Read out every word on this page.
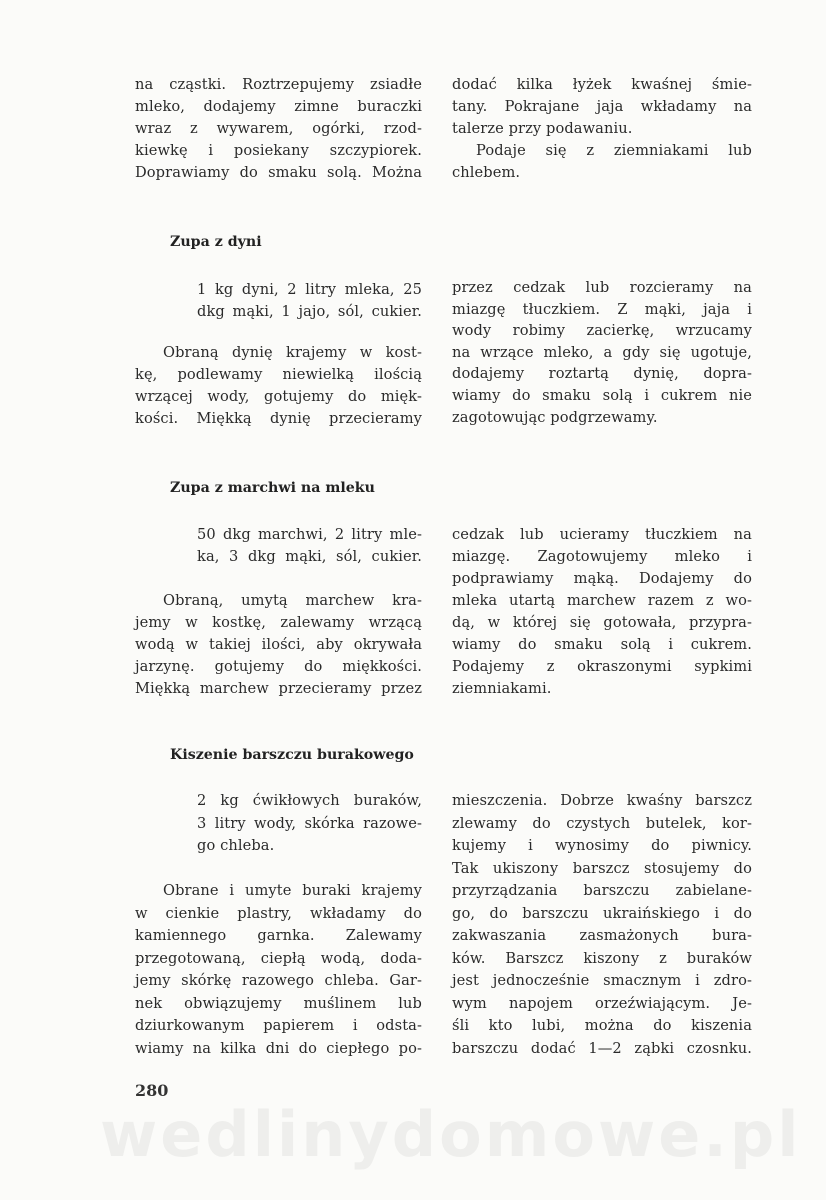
Zupa z dyni
Zupa z marchwi na mleku
Kiszenie barszczu burakowego
280
wedlinydomowe.pl
na cząstki. Roztrzepujemy zsiadłe
mleko, dodajemy zimne buraczki
wraz z wywarem, ogórki, rzod-
kiewkę i posiekany szczypiorek.
Doprawiamy do smaku solą. Można
dodać kilka łyżek kwaśnej śmie-
tany. Pokrajane jaja wkładamy na
talerze przy podawaniu.
Podaje się z ziemniakami lub
chlebem.
1 kg dyni, 2 litry mleka, 25
dkg mąki, 1 jajo, sól, cukier.
Obraną dynię krajemy w kost-
kę, podlewamy niewielką ilością
wrzącej wody, gotujemy do mięk-
kości. Miękką dynię przecieramy
przez cedzak lub rozcieramy na
miazgę tłuczkiem. Z mąki, jaja i
wody robimy zacierkę, wrzucamy
na wrzące mleko, a gdy się ugotuje,
dodajemy roztartą dynię, dopra-
wiamy do smaku solą i cukrem nie
zagotowując podgrzewamy.
50 dkg marchwi, 2 litry mle-
ka, 3 dkg mąki, sól, cukier.
Obraną, umytą marchew kra-
jemy w kostkę, zalewamy wrzącą
wodą w takiej ilości, aby okrywała
jarzynę. gotujemy do miękkości.
Miękką marchew przecieramy przez
cedzak lub ucieramy tłuczkiem na
miazgę. Zagotowujemy mleko i
podprawiamy mąką. Dodajemy do
mleka utartą marchew razem z wo-
dą, w której się gotowała, przypra-
wiamy do smaku solą i cukrem.
Podajemy z okraszonymi sypkimi
ziemniakami.
2 kg ćwikłowych buraków,
3 litry wody, skórka razowe-
go chleba.
Obrane i umyte buraki krajemy
w cienkie plastry, wkładamy do
kamiennego garnka. Zalewamy
przegotowaną, ciepłą wodą, doda-
jemy skórkę razowego chleba. Gar-
nek obwiązujemy muślinem lub
dziurkowanym papierem i odsta-
wiamy na kilka dni do ciepłego po-
mieszczenia. Dobrze kwaśny barszcz
zlewamy do czystych butelek, kor-
kujemy i wynosimy do piwnicy.
Tak ukiszony barszcz stosujemy do
przyrządzania barszczu zabielane-
go, do barszczu ukraińskiego i do
zakwaszania zasmażonych bura-
ków. Barszcz kiszony z buraków
jest jednocześnie smacznym i zdro-
wym napojem orzeźwiającym. Je-
śli kto lubi, można do kiszenia
barszczu dodać 1—2 ząbki czosnku.
